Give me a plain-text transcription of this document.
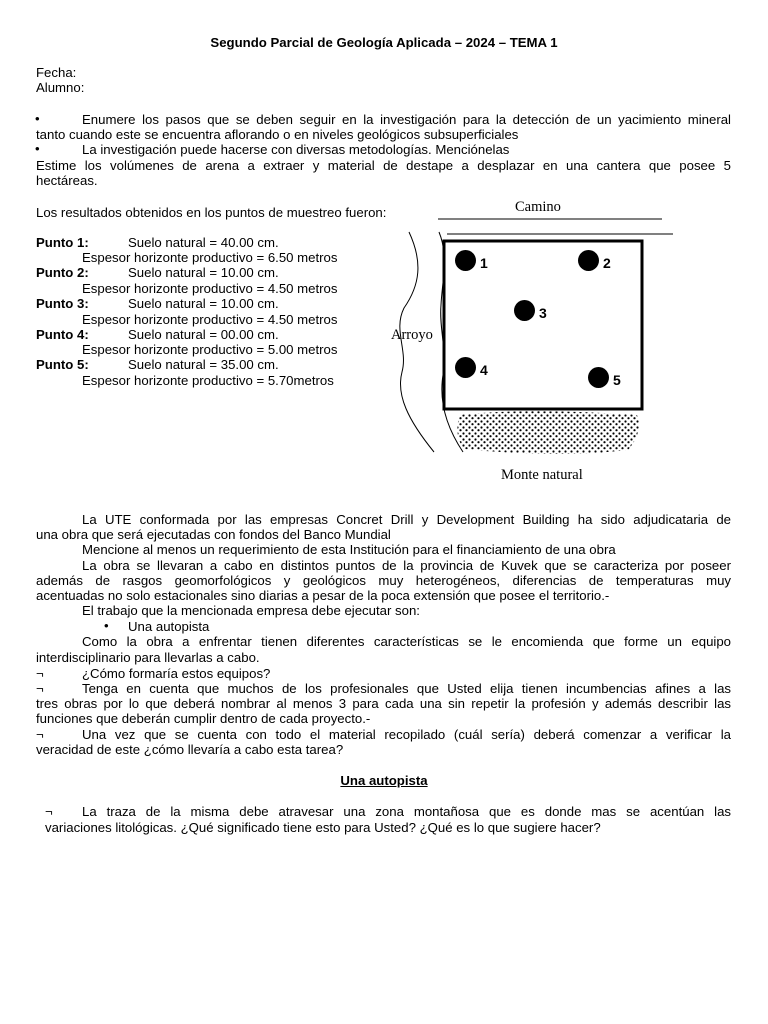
Segundo Parcial de Geología Aplicada – 2024 – TEMA 1
Fecha:
Alumno:
•	Enumere los pasos que se deben seguir en la investigación para la detección de un yacimiento mineral
tanto cuando este se encuentra aflorando o en niveles geológicos subsuperficiales
•	La investigación puede hacerse con diversas metodologías. Menciónelas
Estime los volúmenes de arena a extraer y material de destape a desplazar en una cantera que posee 5
hectáreas.
Los resultados obtenidos en los puntos de muestreo fueron:
Punto 1:	Suelo natural = 40.00 cm.
Espesor horizonte productivo = 6.50 metros
Punto 2:	Suelo natural = 10.00 cm.
Espesor horizonte productivo = 4.50 metros
Punto 3:	Suelo natural = 10.00 cm.
Espesor horizonte productivo = 4.50 metros
Punto 4:	Suelo natural = 00.00 cm.
Espesor horizonte productivo = 5.00 metros
Punto 5:	Suelo natural = 35.00 cm.
Espesor horizonte productivo = 5.70metros
1	2
3
4
5
Camino
Arroyo
Monte natural
La UTE conformada por las empresas Concret Drill y Development Building ha sido adjudicataria de
una obra que será ejecutadas con fondos del Banco Mundial
Mencione al menos un requerimiento de esta Institución para el financiamiento de una obra
La obra se llevaran a cabo en distintos puntos de la provincia de Kuvek que se caracteriza por poseer
además de rasgos geomorfológicos y geológicos muy heterogéneos, diferencias de temperaturas muy
acentuadas no solo estacionales sino diarias a pesar de la poca extensión que posee el territorio.-
El trabajo que la mencionada empresa debe ejecutar son:
• Una autopista
Como la obra a enfrentar tienen diferentes características se le encomienda que forme un equipo
interdisciplinario para llevarlas a cabo.
¬	¿Cómo formaría estos equipos?
¬	Tenga en cuenta que muchos de los profesionales que Usted elija tienen incumbencias afines a las
tres obras por lo que deberá nombrar al menos 3 para cada una sin repetir la profesión y además describir las
funciones que deberán cumplir dentro de cada proyecto.-
¬	Una vez que se cuenta con todo el material recopilado (cuál sería) deberá comenzar a verificar la
veracidad de este ¿cómo llevaría a cabo esta tarea?
Una autopista
¬ La traza de la misma debe atravesar una zona montañosa que es donde mas se acentúan las
variaciones litológicas. ¿Qué significado tiene esto para Usted? ¿Qué es lo que sugiere hacer?
